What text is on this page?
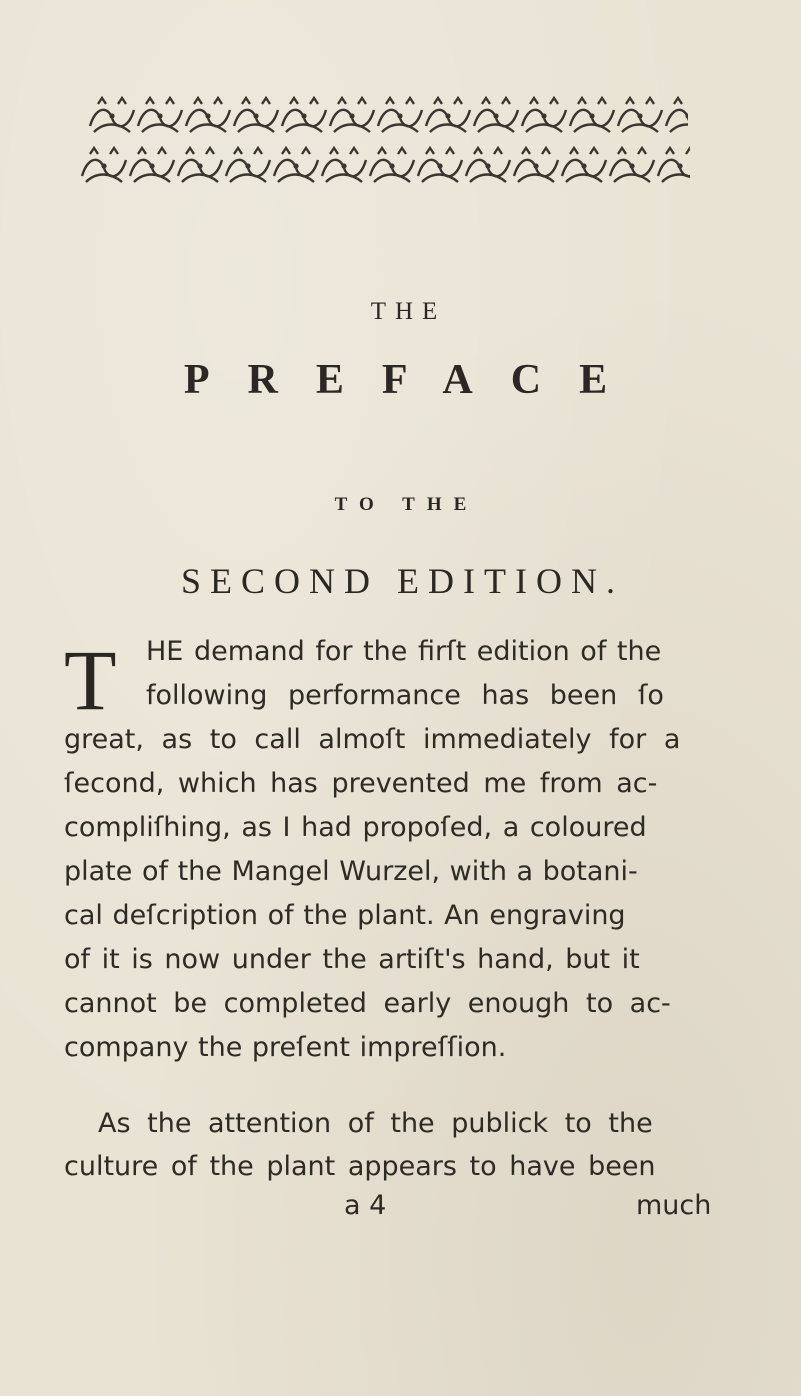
THE
PREFACE
TO THE
SECOND EDITION.
T HE demand for the firſt edition of the
following performance has been ſo
great, as to call almoſt immediately for a
ſecond, which has prevented me from ac-
compliſhing, as I had propoſed, a coloured
plate of the Mangel Wurzel, with a botani-
cal deſcription of the plant. An engraving
of it is now under the artiſt's hand, but it
cannot be completed early enough to ac-
company the preſent impreſſion.
As the attention of the publick to the
culture of the plant appears to have been
a 4	much
